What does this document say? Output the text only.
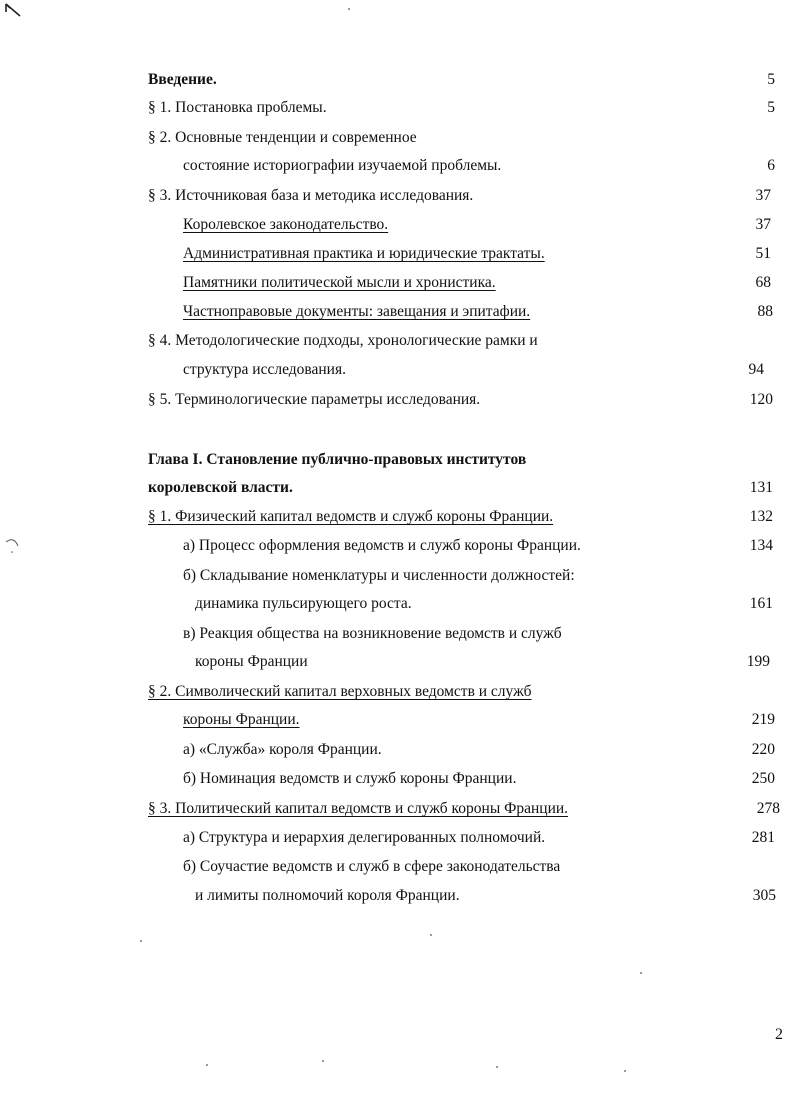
Введение.	5
§ 1. Постановка проблемы.	5
§ 2. Основные тенденции и современное
состояние историографии изучаемой проблемы.	6
§ 3. Источниковая база и методика исследования.	37
Королевское законодательство.	37
Административная практика и юридические трактаты.	51
Памятники политической мысли и хронистика.	68
Частноправовые документы: завещания и эпитафии.	88
§ 4. Методологические подходы, хронологические рамки и
структура исследования.	94
§ 5. Терминологические параметры исследования.	120
Глава I. Становление публично-правовых институтов
королевской власти.	131
§ 1. Физический капитал ведомств и служб короны Франции.	132
а) Процесс оформления ведомств и служб короны Франции.	134
б) Складывание номенклатуры и численности должностей:
динамика пульсирующего роста.	161
в) Реакция общества на возникновение ведомств и служб
короны Франции	199
§ 2. Символический капитал верховных ведомств и служб
короны Франции.	219
а) «Служба» короля Франции.	220
б) Номинация ведомств и служб короны Франции.	250
§ 3. Политический капитал ведомств и служб короны Франции.	278
а) Структура и иерархия делегированных полномочий.	281
б) Соучастие ведомств и служб в сфере законодательства
и лимиты полномочий короля Франции.	305
2
